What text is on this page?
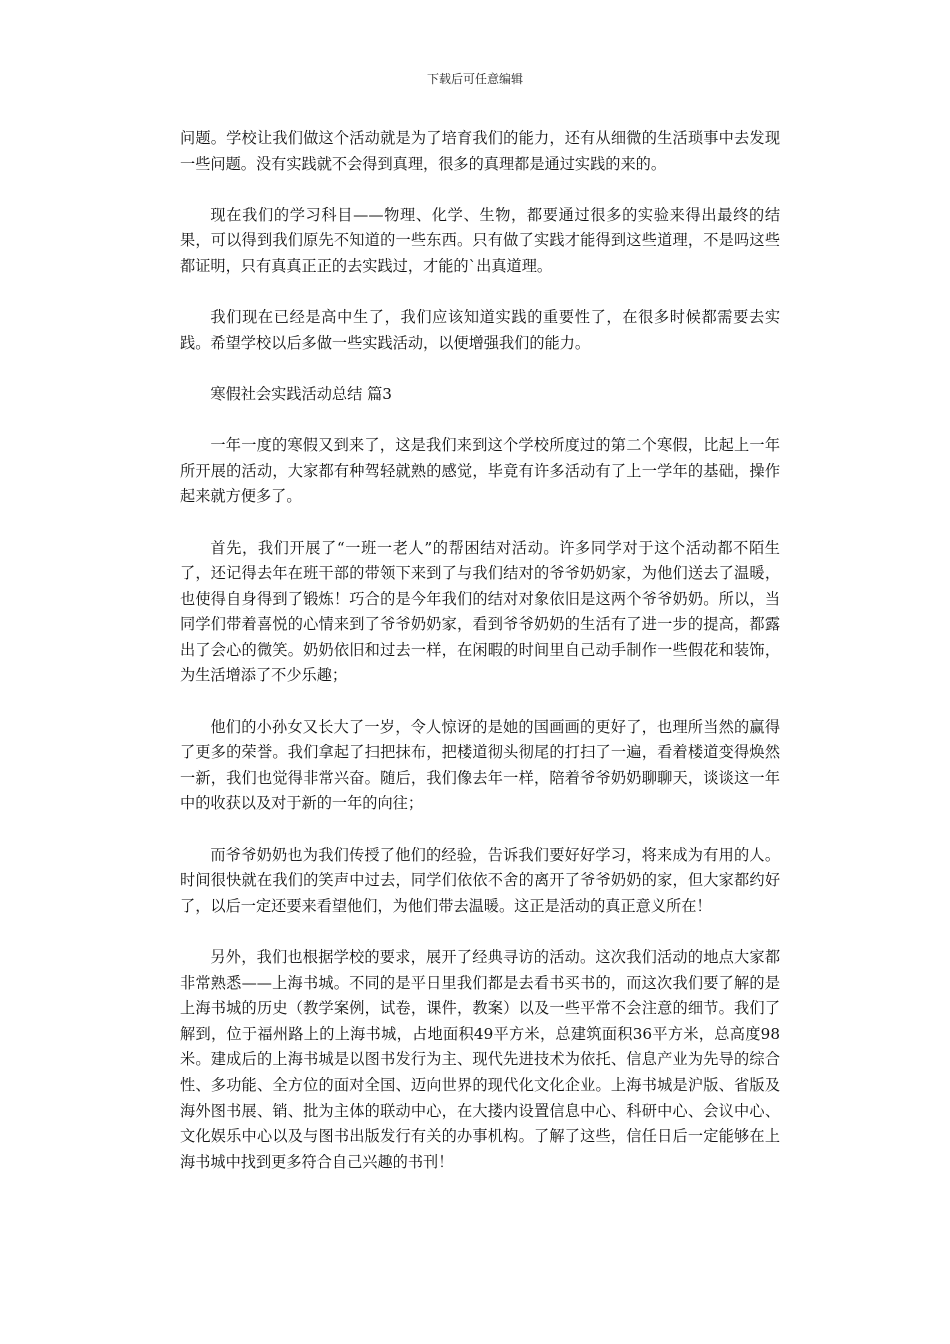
下载后可任意编辑

问题。学校让我们做这个活动就是为了培育我们的能力，还有从细微的生活琐事中去发现一些问题。没有实践就不会得到真理，很多的真理都是通过实践的来的。

现在我们的学习科目——物理、化学、生物，都要通过很多的实验来得出最终的结果，可以得到我们原先不知道的一些东西。只有做了实践才能得到这些道理，不是吗这些都证明，只有真真正正的去实践过，才能的`出真道理。

我们现在已经是高中生了，我们应该知道实践的重要性了，在很多时候都需要去实践。希望学校以后多做一些实践活动，以便增强我们的能力。

寒假社会实践活动总结 篇3

一年一度的寒假又到来了，这是我们来到这个学校所度过的第二个寒假，比起上一年所开展的活动，大家都有种驾轻就熟的感觉，毕竟有许多活动有了上一学年的基础，操作起来就方便多了。

首先，我们开展了“一班一老人”的帮困结对活动。许多同学对于这个活动都不陌生了，还记得去年在班干部的带领下来到了与我们结对的爷爷奶奶家，为他们送去了温暖，也使得自身得到了锻炼！巧合的是今年我们的结对对象依旧是这两个爷爷奶奶。所以，当同学们带着喜悦的心情来到了爷爷奶奶家，看到爷爷奶奶的生活有了进一步的提高，都露出了会心的微笑。奶奶依旧和过去一样，在闲暇的时间里自己动手制作一些假花和装饰，为生活增添了不少乐趣；

他们的小孙女又长大了一岁，令人惊讶的是她的国画画的更好了，也理所当然的赢得了更多的荣誉。我们拿起了扫把抹布，把楼道彻头彻尾的打扫了一遍，看着楼道变得焕然一新，我们也觉得非常兴奋。随后，我们像去年一样，陪着爷爷奶奶聊聊天，谈谈这一年中的收获以及对于新的一年的向往；

而爷爷奶奶也为我们传授了他们的经验，告诉我们要好好学习，将来成为有用的人。时间很快就在我们的笑声中过去，同学们依依不舍的离开了爷爷奶奶的家，但大家都约好了，以后一定还要来看望他们，为他们带去温暖。这正是活动的真正意义所在！

另外，我们也根据学校的要求，展开了经典寻访的活动。这次我们活动的地点大家都非常熟悉——上海书城。不同的是平日里我们都是去看书买书的，而这次我们要了解的是上海书城的历史（教学案例，试卷，课件，教案）以及一些平常不会注意的细节。我们了解到，位于福州路上的上海书城，占地面积49平方米，总建筑面积36平方米，总高度98米。建成后的上海书城是以图书发行为主、现代先进技术为依托、信息产业为先导的综合性、多功能、全方位的面对全国、迈向世界的现代化文化企业。上海书城是沪版、省版及海外图书展、销、批为主体的联动中心，在大搂内设置信息中心、科研中心、会议中心、文化娱乐中心以及与图书出版发行有关的办事机构。了解了这些，信任日后一定能够在上海书城中找到更多符合自己兴趣的书刊！
